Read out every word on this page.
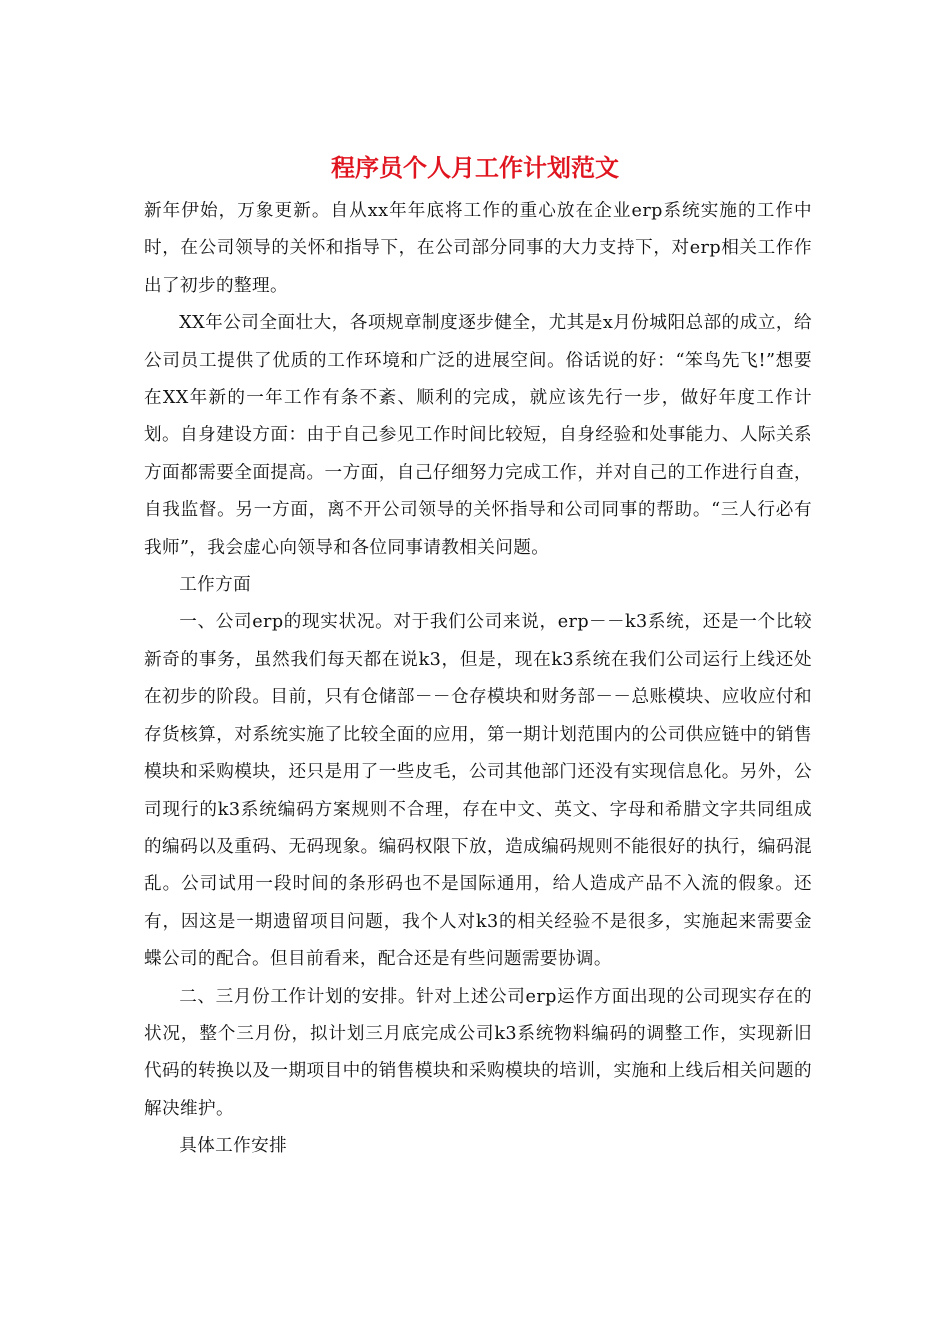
程序员个人月工作计划范文

新年伊始，万象更新。自从xx年年底将工作的重心放在企业erp系统实施的工作中时，在公司领导的关怀和指导下，在公司部分同事的大力支持下，对erp相关工作作出了初步的整理。

XX年公司全面壮大，各项规章制度逐步健全，尤其是x月份城阳总部的成立，给公司员工提供了优质的工作环境和广泛的进展空间。俗话说的好：“笨鸟先飞!”想要在XX年新的一年工作有条不紊、顺利的完成，就应该先行一步，做好年度工作计划。自身建设方面：由于自己参见工作时间比较短，自身经验和处事能力、人际关系方面都需要全面提高。一方面，自己仔细努力完成工作，并对自己的工作进行自查，自我监督。另一方面，离不开公司领导的关怀指导和公司同事的帮助。“三人行必有我师”，我会虚心向领导和各位同事请教相关问题。

工作方面

一、公司erp的现实状况。对于我们公司来说，erp－－k3系统，还是一个比较新奇的事务，虽然我们每天都在说k3，但是，现在k3系统在我们公司运行上线还处在初步的阶段。目前，只有仓储部－－仓存模块和财务部－－总账模块、应收应付和存货核算，对系统实施了比较全面的应用，第一期计划范围内的公司供应链中的销售模块和采购模块，还只是用了一些皮毛，公司其他部门还没有实现信息化。另外，公司现行的k3系统编码方案规则不合理，存在中文、英文、字母和希腊文字共同组成的编码以及重码、无码现象。编码权限下放，造成编码规则不能很好的执行，编码混乱。公司试用一段时间的条形码也不是国际通用，给人造成产品不入流的假象。还有，因这是一期遗留项目问题，我个人对k3的相关经验不是很多，实施起来需要金蝶公司的配合。但目前看来，配合还是有些问题需要协调。

二、三月份工作计划的安排。针对上述公司erp运作方面出现的公司现实存在的状况，整个三月份，拟计划三月底完成公司k3系统物料编码的调整工作，实现新旧代码的转换以及一期项目中的销售模块和采购模块的培训，实施和上线后相关问题的解决维护。

具体工作安排
